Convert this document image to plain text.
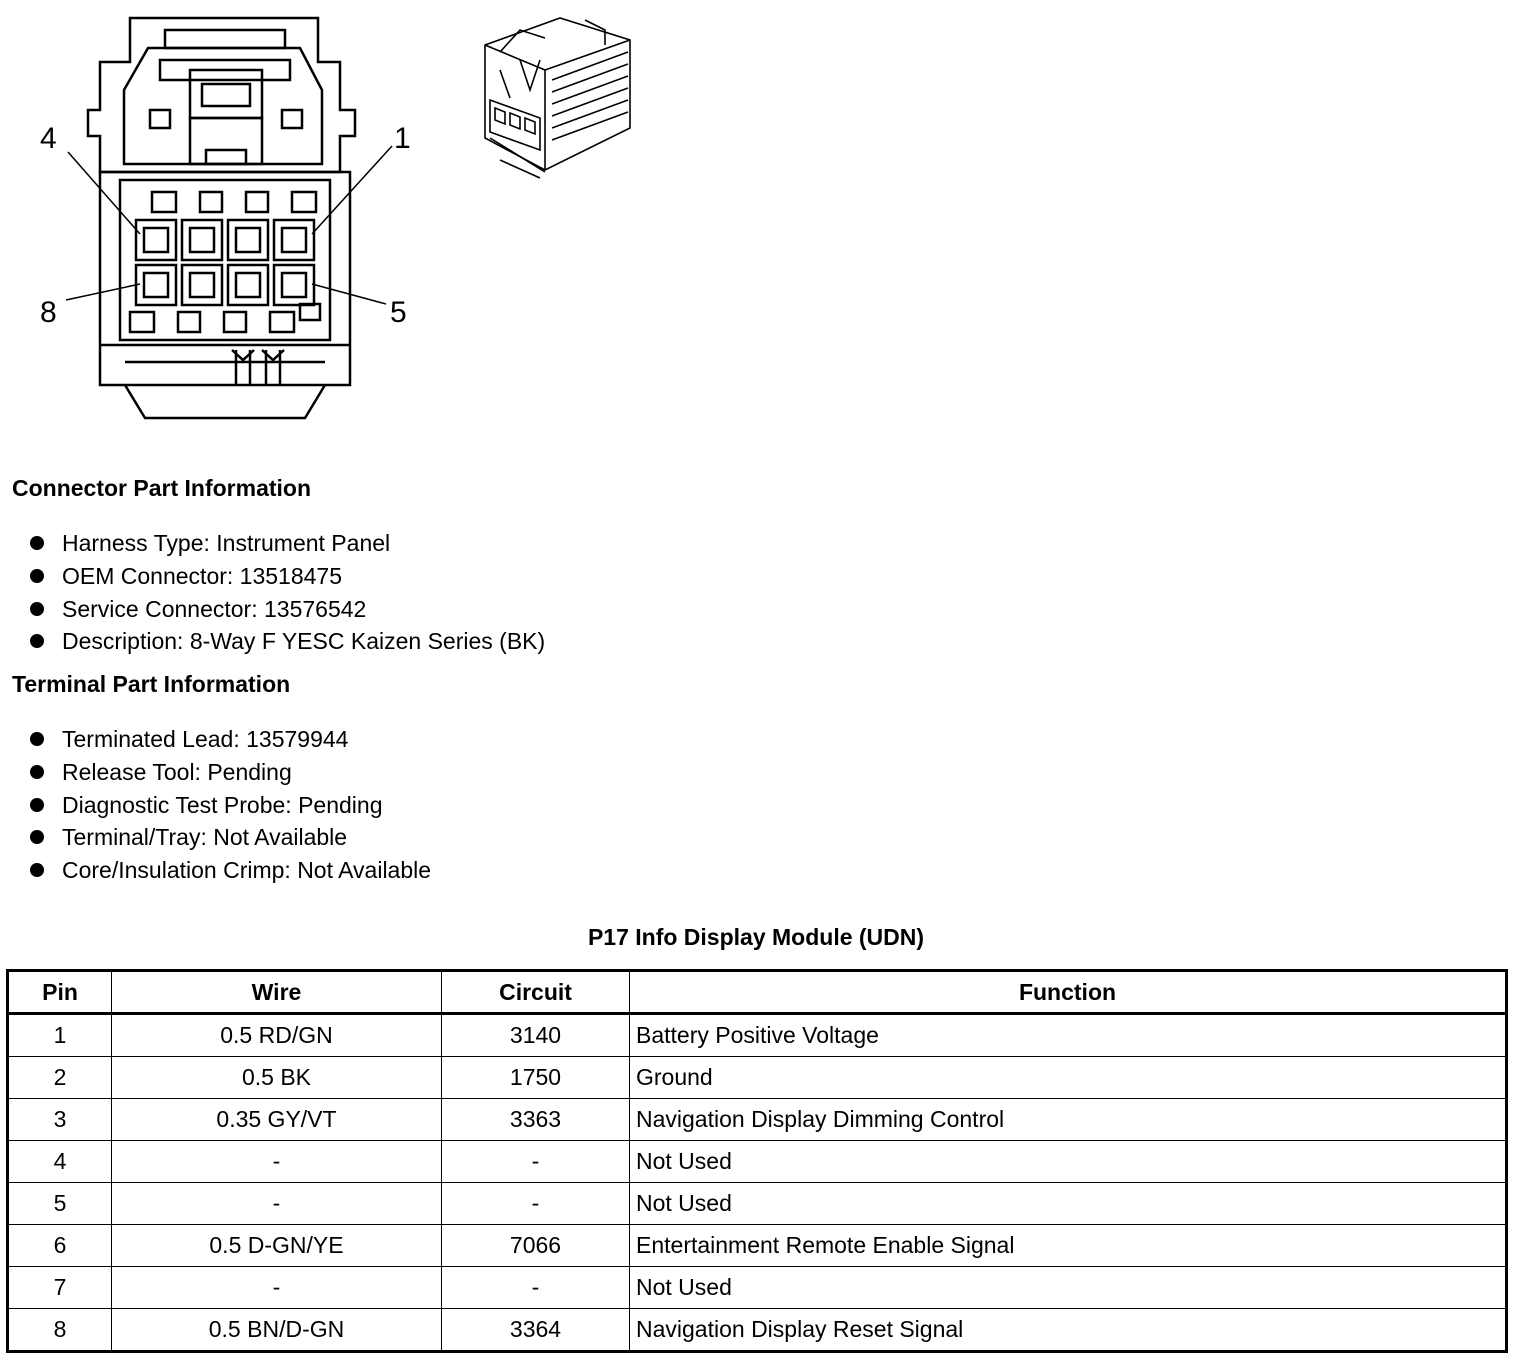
4	1
8	5
Connector Part Information
Harness Type: Instrument Panel
OEM Connector: 13518475
Service Connector: 13576542
Description: 8-Way F YESC Kaizen Series (BK)
Terminal Part Information
Terminated Lead: 13579944
Release Tool: Pending
Diagnostic Test Probe: Pending
Terminal/Tray: Not Available
Core/Insulation Crimp: Not Available
P17 Info Display Module (UDN)
Pin	Wire	Circuit	Function
1	0.5 RD/GN	3140	Battery Positive Voltage
2	0.5 BK	1750	Ground
3	0.35 GY/VT	3363	Navigation Display Dimming Control
4	-	-	Not Used
5	-	-	Not Used
6	0.5 D-GN/YE	7066	Entertainment Remote Enable Signal
7	-	-	Not Used
8	0.5 BN/D-GN	3364	Navigation Display Reset Signal
